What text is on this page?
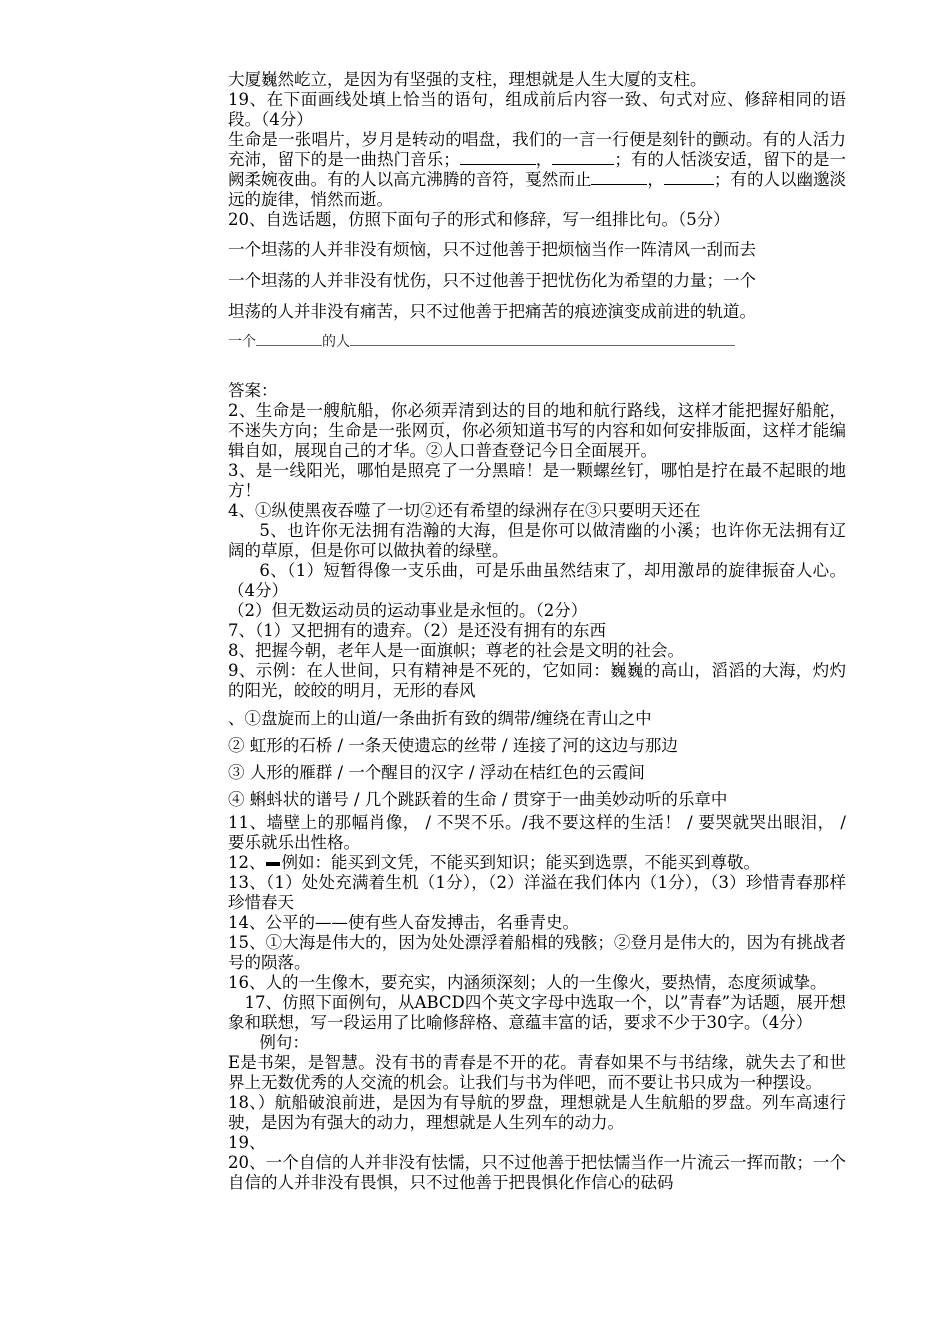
大厦巍然屹立，是因为有坚强的支柱，理想就是人生大厦的支柱。

19、在下面画线处填上恰当的语句，组成前后内容一致、句式对应、修辞相同的语段。（4分）

生命是一张唱片，岁月是转动的唱盘，我们的一言一行便是刻针的颤动。有的人活力充沛，留下的是一曲热门音乐；	，	；有的人恬淡安适，留下的是一阙柔婉夜曲。有的人以高亢沸腾的音符，戛然而止	，	；有的人以幽邈淡远的旋律，悄然而逝。

20、自选话题，仿照下面句子的形式和修辞，写一组排比句。（5分）

一个坦荡的人并非没有烦恼，只不过他善于把烦恼当作一阵清风一刮而去

一个坦荡的人并非没有忧伤，只不过他善于把忧伤化为希望的力量；一个

坦荡的人并非没有痛苦，只不过他善于把痛苦的痕迹演变成前进的轨道。

一个	的人

答案：

2、生命是一艘航船，你必须弄清到达的目的地和航行路线，这样才能把握好船舵，不迷失方向；生命是一张网页，你必须知道书写的内容和如何安排版面，这样才能编辑自如，展现自己的才华。②人口普查登记今日全面展开。

3、是一线阳光，哪怕是照亮了一分黑暗！是一颗螺丝钉，哪怕是拧在最不起眼的地方！

4、①纵使黑夜吞噬了一切②还有希望的绿洲存在③只要明天还在

5、也许你无法拥有浩瀚的大海，但是你可以做清幽的小溪；也许你无法拥有辽阔的草原，但是你可以做执着的绿壁。

6、（1）短暂得像一支乐曲，可是乐曲虽然结束了，却用激昂的旋律振奋人心。（4分）

（2）但无数运动员的运动事业是永恒的。（2分）

7、（1）又把拥有的遗弃。（2）是还没有拥有的东西

8、把握今朝，老年人是一面旗帜；尊老的社会是文明的社会。

9、示例：在人世间，只有精神是不死的，它如同：巍巍的高山，滔滔的大海，灼灼的阳光，皎皎的明月，无形的春风

、①盘旋而上的山道/一条曲折有致的绸带/缠绕在青山之中

② 虹形的石桥 / 一条天使遗忘的丝带 / 连接了河的这边与那边

③ 人形的雁群 / 一个醒目的汉字 / 浮动在桔红色的云霞间

④ 蝌蚪状的谱号 / 几个跳跃着的生命 / 贯穿于一曲美妙动听的乐章中

11、墙壁上的那幅肖像， / 不哭不乐。/我不要这样的生活！ / 要哭就哭出眼泪， / 要乐就乐出性格。

12、 例如：能买到文凭，不能买到知识；能买到选票，不能买到尊敬。

13、（1）处处充满着生机（1分），（2）洋溢在我们体内（1分），（3）珍惜青春那样珍惜春天

14、公平的——使有些人奋发搏击，名垂青史。

15、①大海是伟大的，因为处处漂浮着船楫的残骸；②登月是伟大的，因为有挑战者号的陨落。

16、人的一生像木，要充实，内涵须深刻；人的一生像火，要热情，态度须诚挚。

17、仿照下面例句，从ABCD四个英文字母中选取一个，以”青春”为话题，展开想象和联想，写一段运用了比喻修辞格、意蕴丰富的话，要求不少于30字。（4分）

例句：

E是书架，是智慧。没有书的青春是不开的花。青春如果不与书结缘，就失去了和世界上无数优秀的人交流的机会。让我们与书为伴吧，而不要让书只成为一种摆设。

18、）航船破浪前进，是因为有导航的罗盘，理想就是人生航船的罗盘。列车高速行驶，是因为有强大的动力，理想就是人生列车的动力。

19、

20、一个自信的人并非没有怯懦，只不过他善于把怯懦当作一片流云一挥而散；一个自信的人并非没有畏惧，只不过他善于把畏惧化作信心的砝码
